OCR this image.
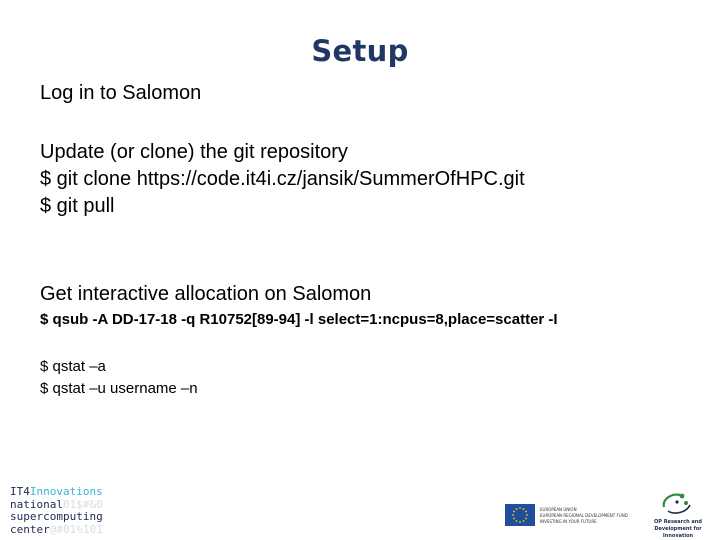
Setup
Log in to Salomon
Update (or clone) the git repository
$ git clone https://code.it4i.cz/jansik/SummerOfHPC.git
$ git pull
Get interactive allocation on Salomon
$ qsub -A DD-17-18 -q R10752[89-94] -l select=1:ncpus=8,place=scatter -I
$ qstat –a
$ qstat –u username –n
IT4Innovations
national01$#&0
supercomputing
center@#01%101
EUROPEAN UNION
EUROPEAN REGIONAL DEVELOPMENT FUND
INVESTING IN YOUR FUTURE	OP Research and
Development for Innovation
